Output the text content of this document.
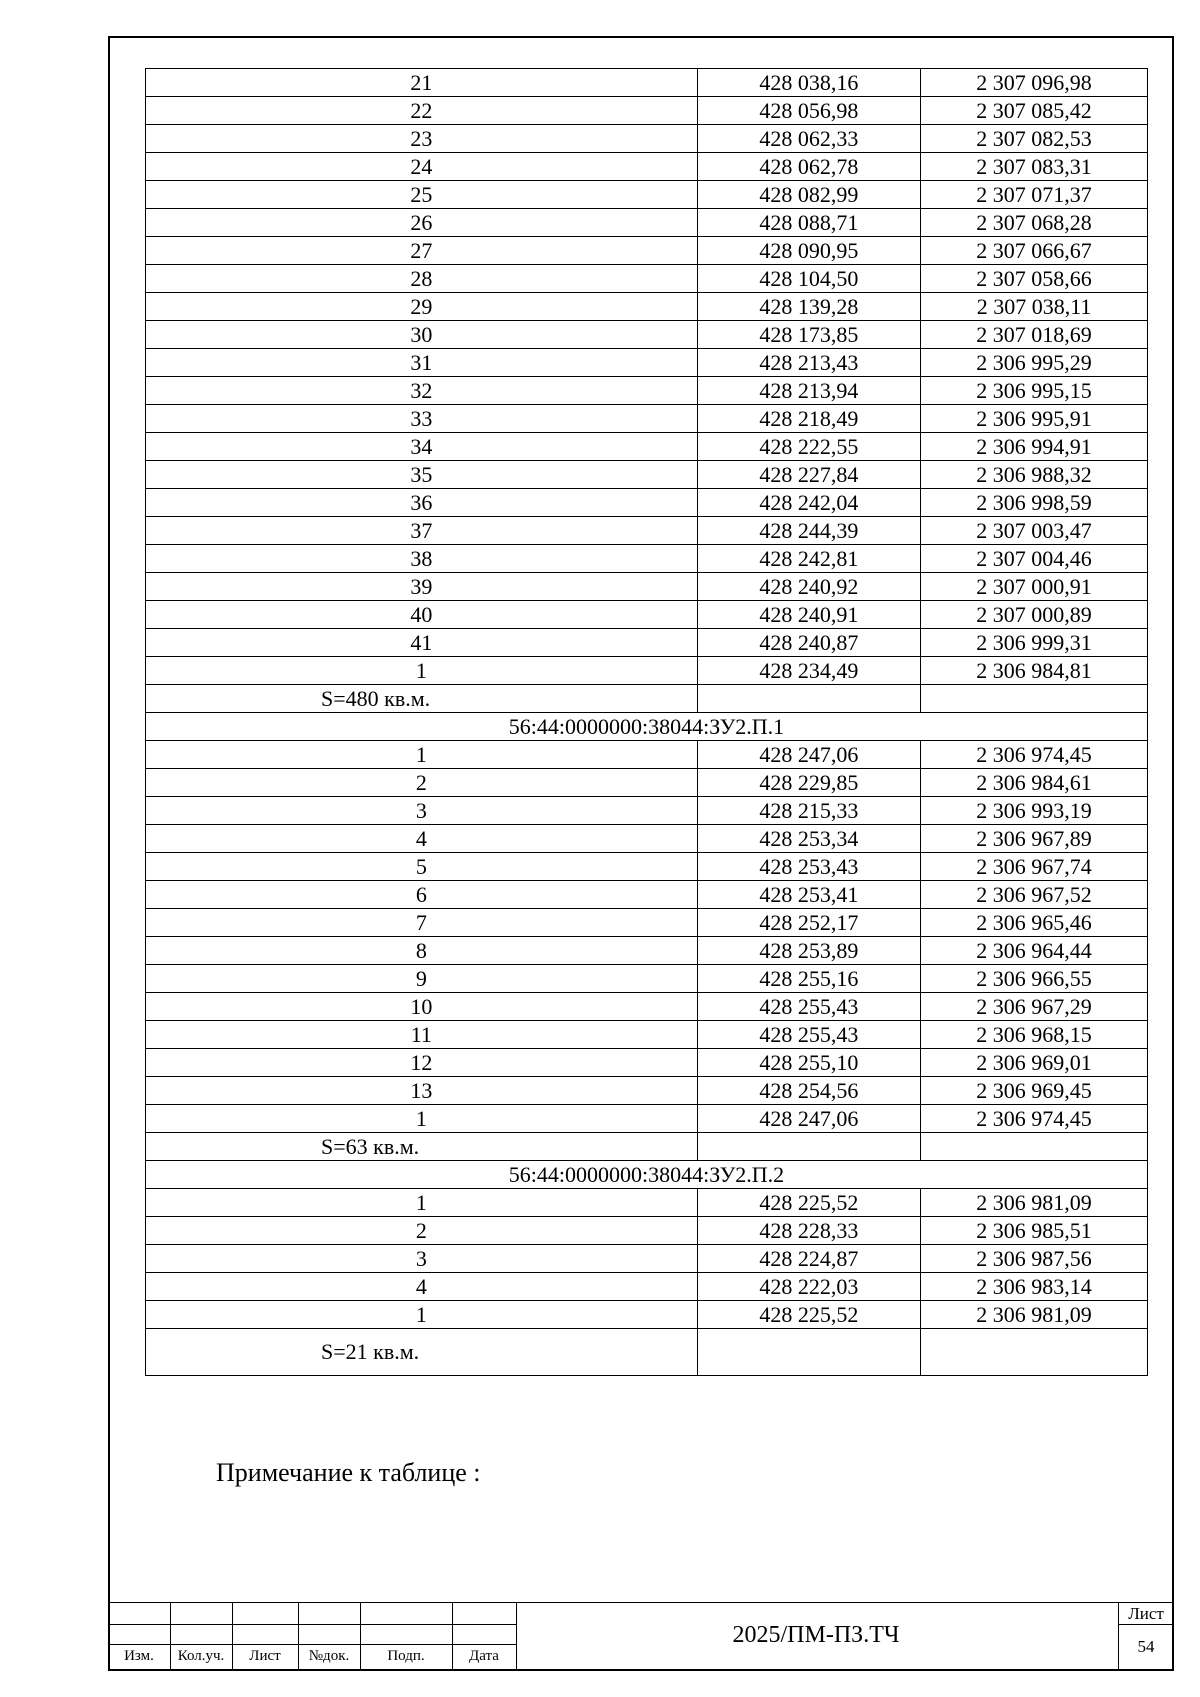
21	428 038,16	2 307 096,98
22	428 056,98	2 307 085,42
23	428 062,33	2 307 082,53
24	428 062,78	2 307 083,31
25	428 082,99	2 307 071,37
26	428 088,71	2 307 068,28
27	428 090,95	2 307 066,67
28	428 104,50	2 307 058,66
29	428 139,28	2 307 038,11
30	428 173,85	2 307 018,69
31	428 213,43	2 306 995,29
32	428 213,94	2 306 995,15
33	428 218,49	2 306 995,91
34	428 222,55	2 306 994,91
35	428 227,84	2 306 988,32
36	428 242,04	2 306 998,59
37	428 244,39	2 307 003,47
38	428 242,81	2 307 004,46
39	428 240,92	2 307 000,91
40	428 240,91	2 307 000,89
41	428 240,87	2 306 999,31
1	428 234,49	2 306 984,81
S=480 кв.м.		
56:44:0000000:38044:ЗУ2.П.1		
1	428 247,06	2 306 974,45
2	428 229,85	2 306 984,61
3	428 215,33	2 306 993,19
4	428 253,34	2 306 967,89
5	428 253,43	2 306 967,74
6	428 253,41	2 306 967,52
7	428 252,17	2 306 965,46
8	428 253,89	2 306 964,44
9	428 255,16	2 306 966,55
10	428 255,43	2 306 967,29
11	428 255,43	2 306 968,15
12	428 255,10	2 306 969,01
13	428 254,56	2 306 969,45
1	428 247,06	2 306 974,45
S=63 кв.м.		
56:44:0000000:38044:ЗУ2.П.2		
1	428 225,52	2 306 981,09
2	428 228,33	2 306 985,51
3	428 224,87	2 306 987,56
4	428 222,03	2 306 983,14
1	428 225,52	2 306 981,09
S=21 кв.м.		
Примечание к таблице :
Изм.	Кол.уч.	Лист	№док.	Подп.	Дата
2025/ПМ-ПЗ.ТЧ
Лист
54
